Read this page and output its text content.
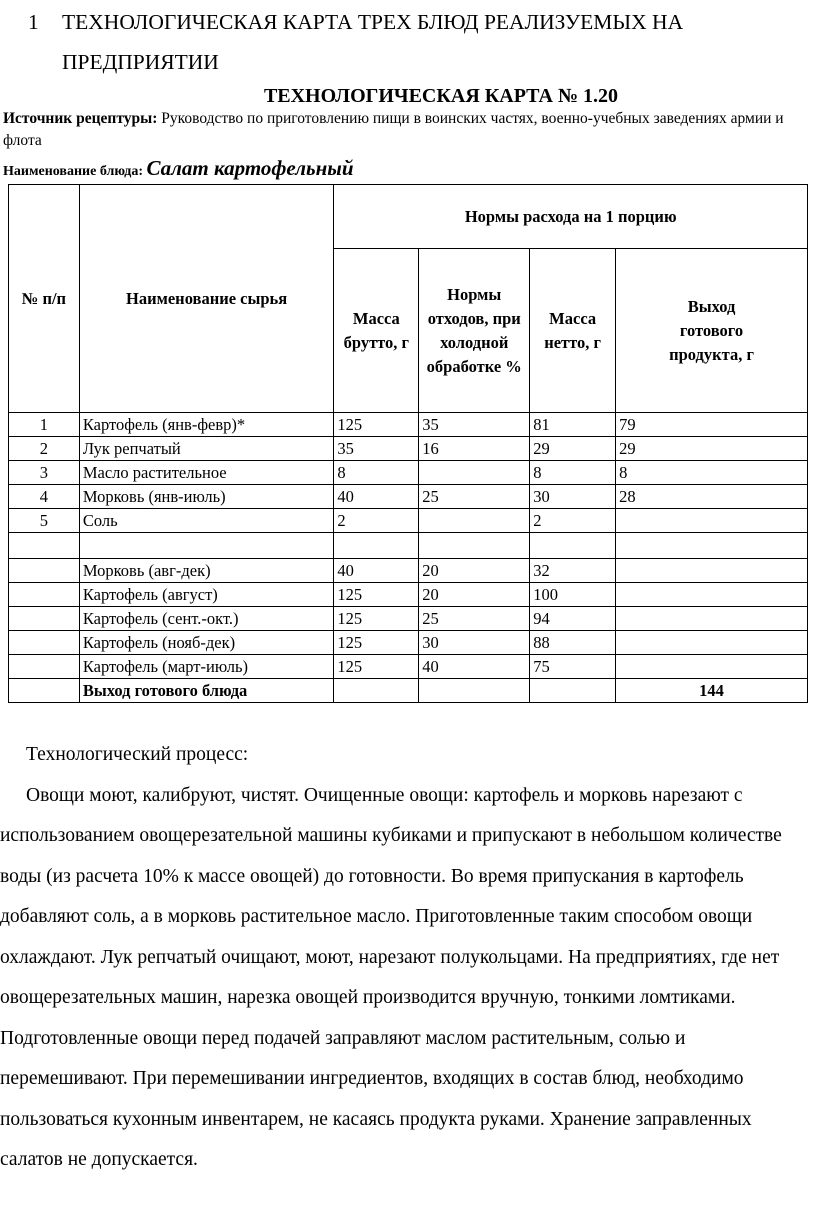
1 ТЕХНОЛОГИЧЕСКАЯ КАРТА ТРЕХ БЛЮД РЕАЛИЗУЕМЫХ НА ПРЕДПРИЯТИИ
ТЕХНОЛОГИЧЕСКАЯ КАРТА № 1.20
Источник рецептуры: Руководство по приготовлению пищи в воинских частях, военно-учебных заведениях армии и флота
Наименование блюда: Салат картофельный
№ п/п	Наименование сырья	Нормы расхода на 1 порцию			
		Масса брутто, г	Нормы отходов, при холодной обработке %	Масса нетто, г	Выход готового продукта, г
1	Картофель (янв-февр)*	125	35	81	79
2	Лук репчатый	35	16	29	29
3	Масло растительное	8		8	8
4	Морковь (янв-июль)	40	25	30	28
5	Соль	2		2	

	Морковь (авг-дек)	40	20	32	
	Картофель (август)	125	20	100	
	Картофель (сент.-окт.)	125	25	94	
	Картофель (нояб-дек)	125	30	88	
	Картофель (март-июль)	125	40	75	
	Выход готового блюда				144
Технологический процесс:

Овощи моют, калибруют, чистят. Очищенные овощи: картофель и морковь нарезают с использованием овощерезательной машины кубиками и припускают в небольшом количестве воды (из расчета 10% к массе овощей) до готовности. Во время припускания в картофель добавляют соль, а в морковь растительное масло. Приготовленные таким способом овощи охлаждают. Лук репчатый очищают, моют, нарезают полукольцами. На предприятиях, где нет овощерезательных машин, нарезка овощей производится вручную, тонкими ломтиками. Подготовленные овощи перед подачей заправляют маслом растительным, солью и перемешивают. При перемешивании ингредиентов, входящих в состав блюд, необходимо пользоваться кухонным инвентарем, не касаясь продукта руками. Хранение заправленных салатов не допускается.
